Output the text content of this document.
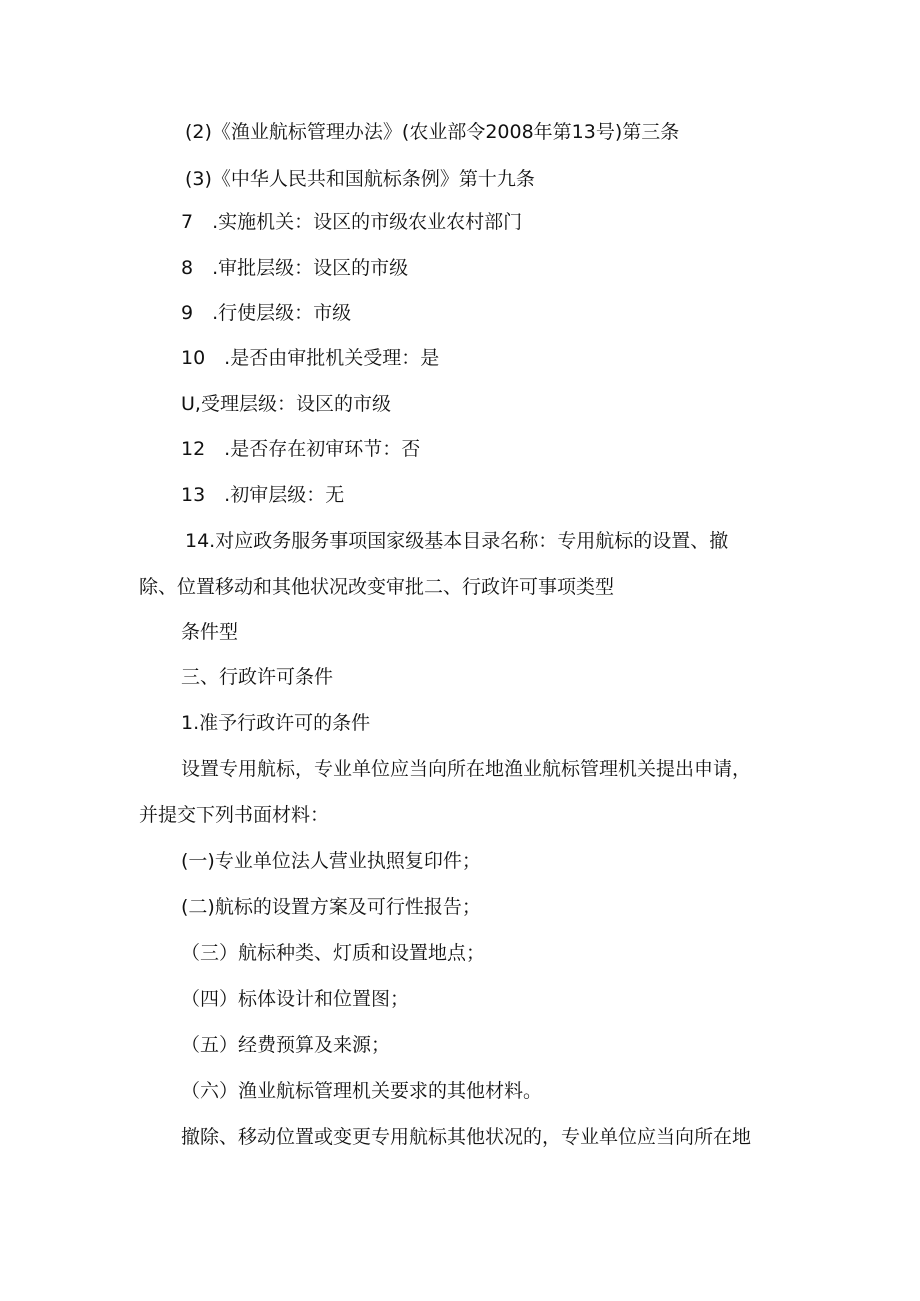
(2)《渔业航标管理办法》(农业部令2008年第13号)第三条
(3)《中华人民共和国航标条例》第十九条
7　.实施机关：设区的市级农业农村部门
8　.审批层级：设区的市级
9　.行使层级：市级
10　.是否由审批机关受理：是
U,受理层级：设区的市级
12　.是否存在初审环节：否
13　.初审层级：无
14.对应政务服务事项国家级基本目录名称：专用航标的设置、撤
除、位置移动和其他状况改变审批二、行政许可事项类型
条件型
三、行政许可条件
1.准予行政许可的条件
设置专用航标，专业单位应当向所在地渔业航标管理机关提出申请，
并提交下列书面材料：
(一)专业单位法人营业执照复印件；
(二)航标的设置方案及可行性报告；
（三）航标种类、灯质和设置地点；
（四）标体设计和位置图；
（五）经费预算及来源；
（六）渔业航标管理机关要求的其他材料。
撤除、移动位置或变更专用航标其他状况的，专业单位应当向所在地
